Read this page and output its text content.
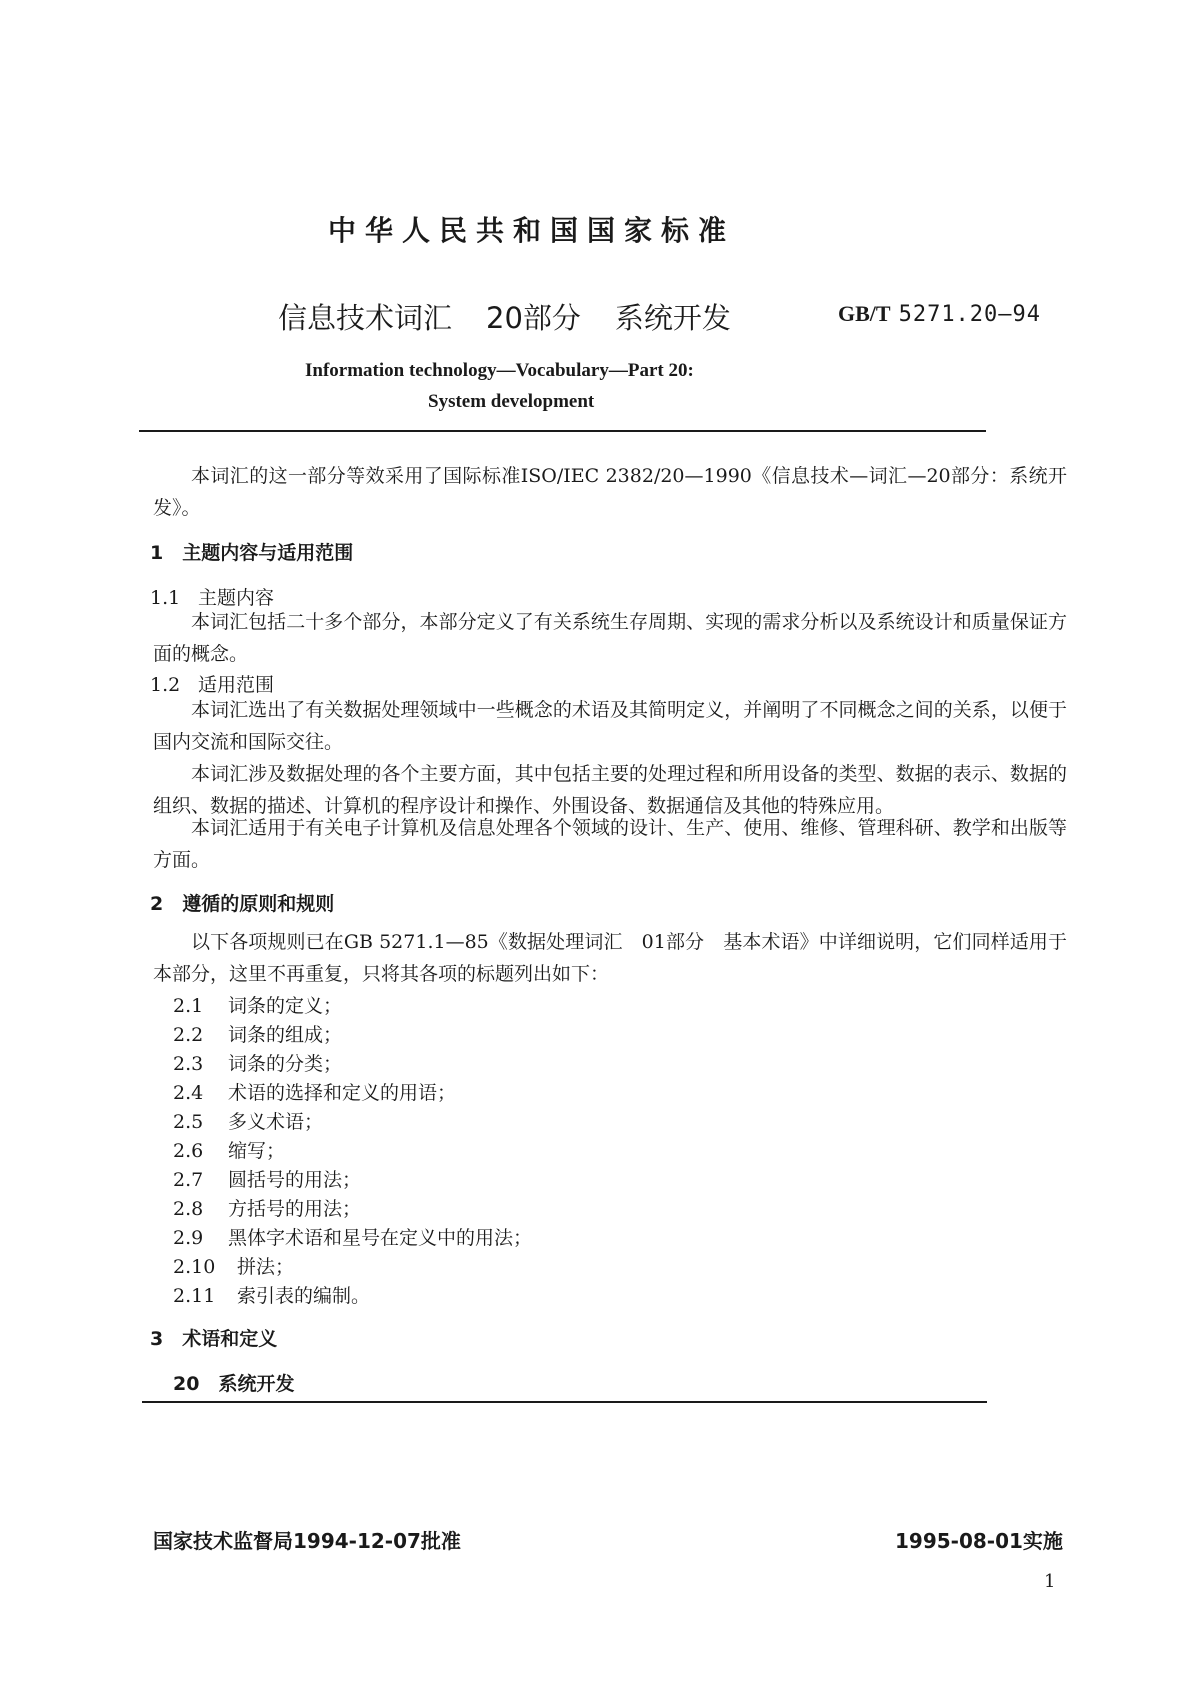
中华人民共和国国家标准
信息技术词汇 20部分 系统开发	GB/T 5271.20—94
Information technology—Vocabulary—Part 20:
System development
本词汇的这一部分等效采用了国际标准ISO/IEC 2382/20—1990《信息技术—词汇—20部分：系统开发》。
1　主题内容与适用范围
1.1 主题内容
本词汇包括二十多个部分，本部分定义了有关系统生存周期、实现的需求分析以及系统设计和质量保证方面的概念。
1.2 适用范围
本词汇选出了有关数据处理领域中一些概念的术语及其简明定义，并阐明了不同概念之间的关系，以便于国内交流和国际交往。
本词汇涉及数据处理的各个主要方面，其中包括主要的处理过程和所用设备的类型、数据的表示、数据的组织、数据的描述、计算机的程序设计和操作、外围设备、数据通信及其他的特殊应用。
本词汇适用于有关电子计算机及信息处理各个领域的设计、生产、使用、维修、管理科研、教学和出版等方面。
2　遵循的原则和规则
以下各项规则已在GB 5271.1—85《数据处理词汇　01部分　基本术语》中详细说明，它们同样适用于本部分，这里不再重复，只将其各项的标题列出如下：
2.1 词条的定义；
2.2 词条的组成；
2.3 词条的分类；
2.4 术语的选择和定义的用语；
2.5 多义术语；
2.6 缩写；
2.7 圆括号的用法；
2.8 方括号的用法；
2.9 黑体字术语和星号在定义中的用法；
2.10 拼法；
2.11 索引表的编制。
3　术语和定义
20　系统开发
国家技术监督局1994-12-07批准	1995-08-01实施
1
